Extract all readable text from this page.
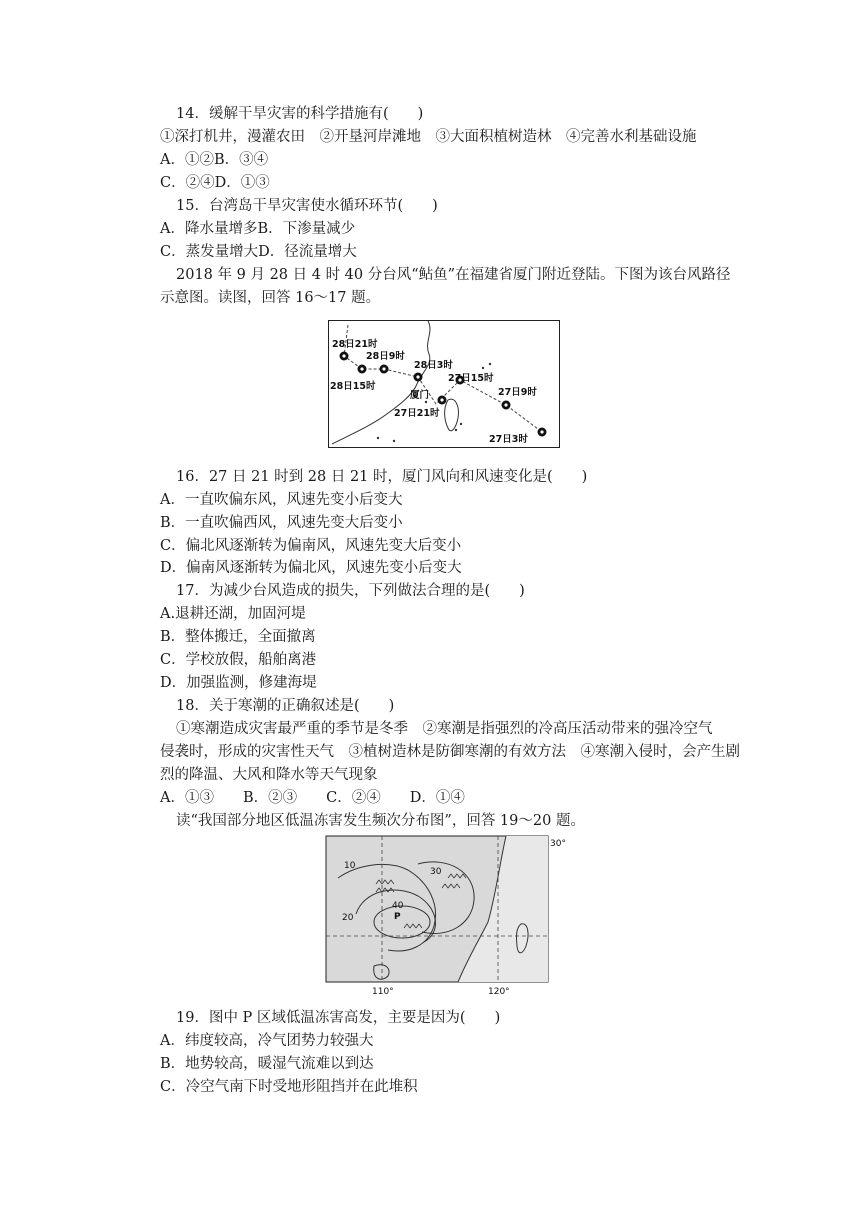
14．缓解干旱灾害的科学措施有(　　)
①深打机井，漫灌农田　②开垦河岸滩地　③大面积植树造林　④完善水利基础设施
A．①②B．③④
C．②④D．①③
15．台湾岛干旱灾害使水循环环节(　　)
A．降水量增多B．下渗量减少
C．蒸发量增大D．径流量增大
2018 年 9 月 28 日 4 时 40 分台风“鲇鱼”在福建省厦门附近登陆。下图为该台风路径
示意图。读图，回答 16～17 题。
28日21时
28日9时
28日3时
28日15时
27日15时
27日9时
厦门
27日21时
27日3时
16．27 日 21 时到 28 日 21 时，厦门风向和风速变化是(　　)
A．一直吹偏东风，风速先变小后变大
B．一直吹偏西风，风速先变大后变小
C．偏北风逐渐转为偏南风，风速先变大后变小
D．偏南风逐渐转为偏北风，风速先变小后变大
17．为减少台风造成的损失，下列做法合理的是(　　)
A.退耕还湖，加固河堤
B．整体搬迁，全面撤离
C．学校放假，船舶离港
D．加强监测，修建海堤
18．关于寒潮的正确叙述是(　　)
①寒潮造成灾害最严重的季节是冬季　②寒潮是指强烈的冷高压活动带来的强冷空气
侵袭时，形成的灾害性天气　③植树造林是防御寒潮的有效方法　④寒潮入侵时，会产生剧
烈的降温、大风和降水等天气现象
A．①③　　B．②③　　C．②④　　D．①④
读“我国部分地区低温冻害发生频次分布图”，回答 19～20 题。
10
20
30
40
P
30°
110°	120°
19．图中 P 区域低温冻害高发，主要是因为(　　)
A．纬度较高，冷气团势力较强大
B．地势较高，暖湿气流难以到达
C．冷空气南下时受地形阻挡并在此堆积
